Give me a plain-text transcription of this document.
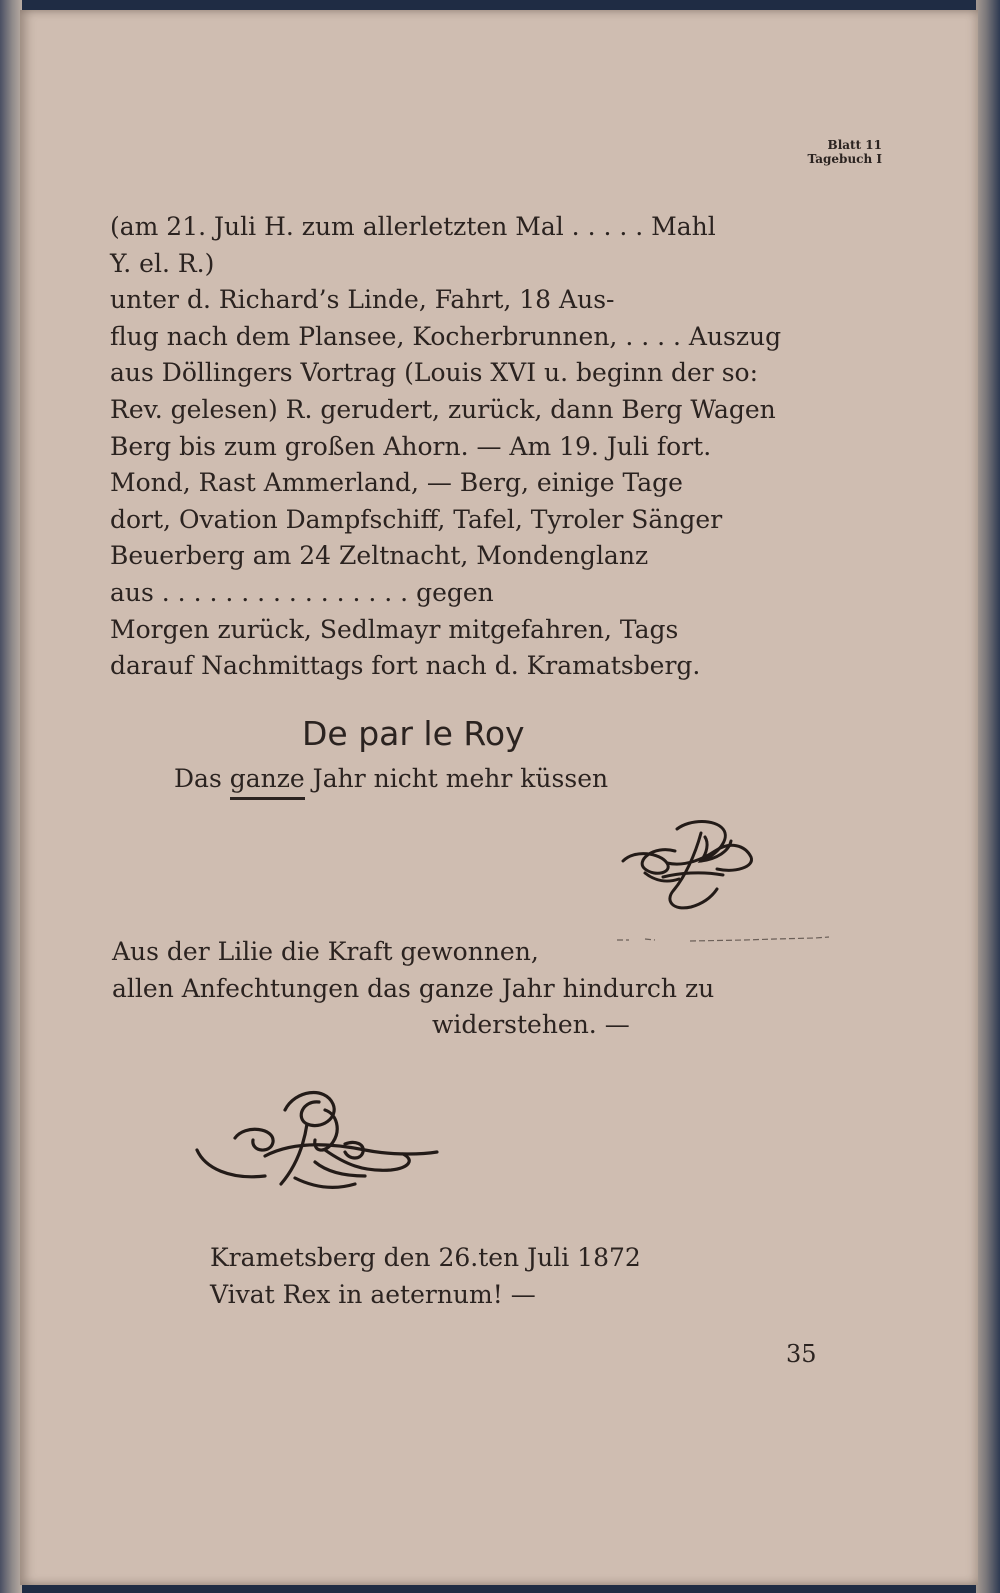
Blatt 11
Tagebuch I
(am 21. Juli H. zum allerletzten Mal . . . . . Mahl
Y. el. R.)
unter d. Richard’s Linde, Fahrt, 18 Aus-
flug nach dem Plansee, Kocherbrunnen, . . . . Auszug
aus Döllingers Vortrag (Louis XVI u. beginn der so:
Rev. gelesen) R. gerudert, zurück, dann Berg Wagen
Berg bis zum großen Ahorn. — Am 19. Juli fort.
Mond, Rast Ammerland, — Berg, einige Tage
dort, Ovation Dampfschiff, Tafel, Tyroler Sänger
Beuerberg am 24 Zeltnacht, Mondenglanz
aus . . . . . . . . . . . . . . . . gegen
Morgen zurück, Sedlmayr mitgefahren, Tags
darauf Nachmittags fort nach d. Kramatsberg.
De par le Roy
Das ganze Jahr nicht mehr küssen
Aus der Lilie die Kraft gewonnen,
allen Anfechtungen das ganze Jahr hindurch zu
widerstehen. —
Krametsberg den 26.ten Juli 1872
Vivat Rex in aeternum! —
35
